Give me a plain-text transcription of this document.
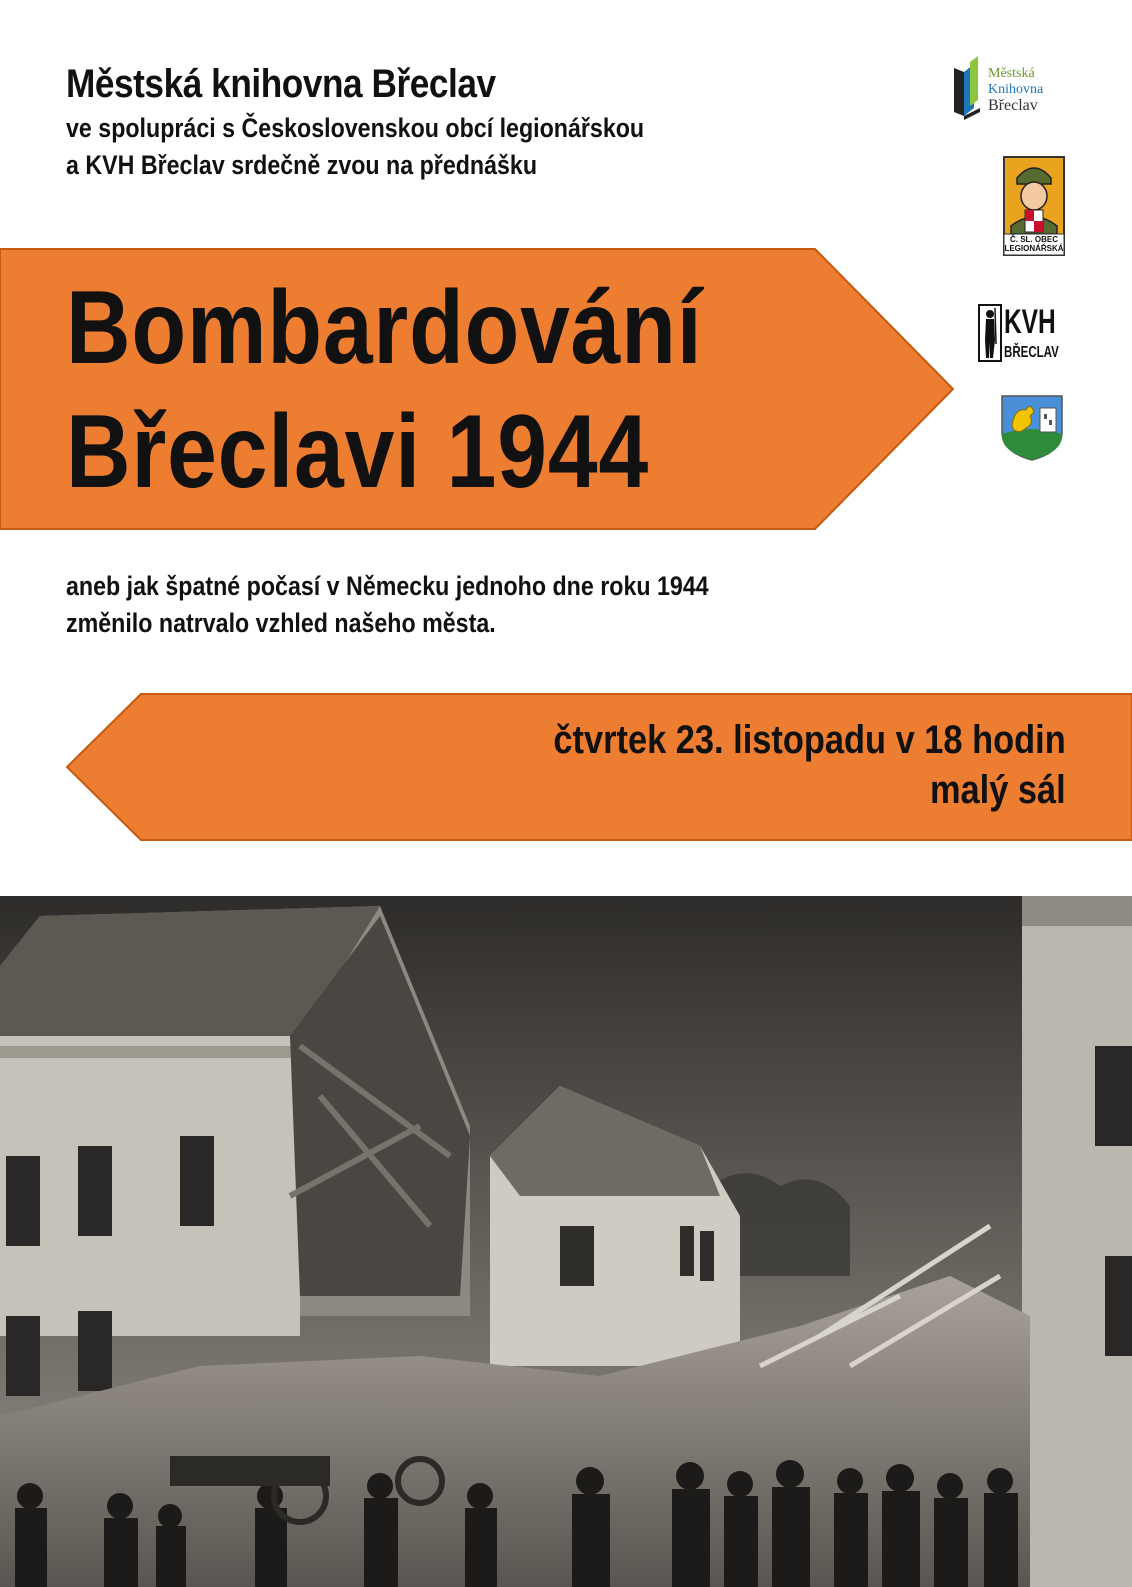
Městská knihovna Břeclav
ve spolupráci s Československou obcí legionářskou
a KVH Břeclav srdečně zvou na přednášku
Městská
Knihovna
Břeclav
Č. SL. OBEC
LEGIONÁŘSKÁ
KVH
BŘECLAV
Bombardování
Břeclavi 1944
aneb jak špatné počasí v Německu jednoho dne roku 1944
změnilo natrvalo vzhled našeho města.
čtvrtek 23. listopadu v 18 hodin
malý sál
